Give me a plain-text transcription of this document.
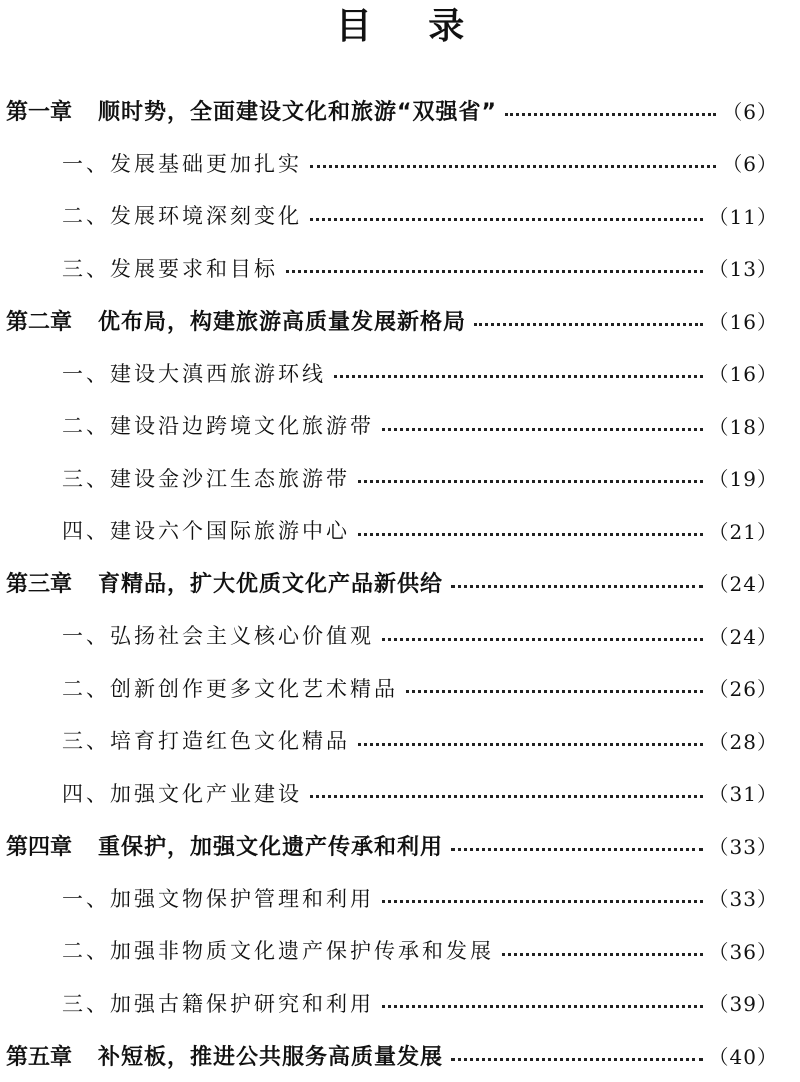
目 录
第一章 顺时势，全面建设文化和旅游“双强省”	（6）
一、发展基础更加扎实	（6）
二、发展环境深刻变化	（11）
三、发展要求和目标	（13）
第二章 优布局，构建旅游高质量发展新格局	（16）
一、建设大滇西旅游环线	（16）
二、建设沿边跨境文化旅游带	（18）
三、建设金沙江生态旅游带	（19）
四、建设六个国际旅游中心	（21）
第三章 育精品，扩大优质文化产品新供给	（24）
一、弘扬社会主义核心价值观	（24）
二、创新创作更多文化艺术精品	（26）
三、培育打造红色文化精品	（28）
四、加强文化产业建设	（31）
第四章 重保护，加强文化遗产传承和利用	（33）
一、加强文物保护管理和利用	（33）
二、加强非物质文化遗产保护传承和发展	（36）
三、加强古籍保护研究和利用	（39）
第五章 补短板，推进公共服务高质量发展	（40）
